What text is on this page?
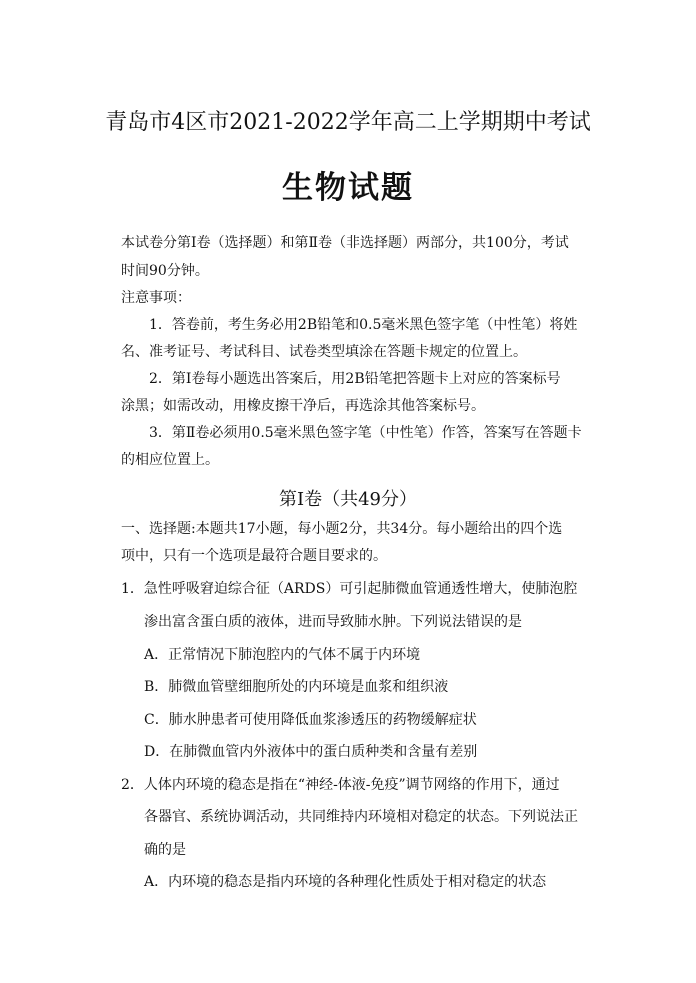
青岛市4区市2021-2022学年高二上学期期中考试
生物试题
本试卷分第Ⅰ卷（选择题）和第Ⅱ卷（非选择题）两部分，共100分，考试
时间90分钟。
注意事项：
1．答卷前，考生务必用2B铅笔和0.5毫米黑色签字笔（中性笔）将姓
名、准考证号、考试科目、试卷类型填涂在答题卡规定的位置上。
2．第Ⅰ卷每小题选出答案后，用2B铅笔把答题卡上对应的答案标号
涂黑；如需改动，用橡皮擦干净后，再选涂其他答案标号。
3．第Ⅱ卷必须用0.5毫米黑色签字笔（中性笔）作答，答案写在答题卡
的相应位置上。
第Ⅰ卷（共49分）
一、选择题:本题共17小题，每小题2分，共34分。每小题给出的四个选
项中，只有一个选项是最符合题目要求的。
1．急性呼吸窘迫综合征（ARDS）可引起肺微血管通透性增大，使肺泡腔
渗出富含蛋白质的液体，进而导致肺水肿。下列说法错误的是
A．正常情况下肺泡腔内的气体不属于内环境
B．肺微血管壁细胞所处的内环境是血浆和组织液
C．肺水肿患者可使用降低血浆渗透压的药物缓解症状
D．在肺微血管内外液体中的蛋白质种类和含量有差别
2．人体内环境的稳态是指在“神经-体液-免疫”调节网络的作用下，通过
各器官、系统协调活动，共同维持内环境相对稳定的状态。下列说法正
确的是
A．内环境的稳态是指内环境的各种理化性质处于相对稳定的状态
